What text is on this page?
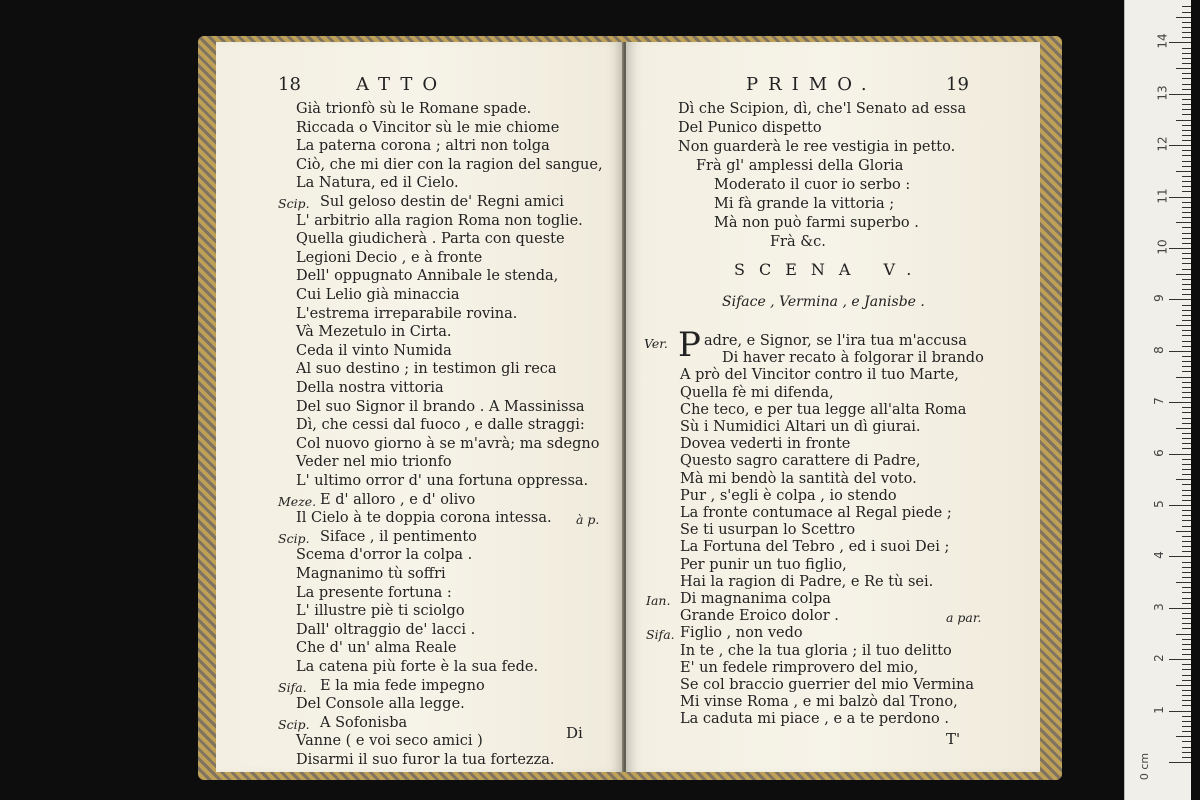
18	ATTO
Già trionfò sù le Romane spade.
Riccada o Vincitor sù le mie chiome
La paterna corona ; altri non tolga
Ciò, che mi dier con la ragion del sangue,
La Natura, ed il Cielo.
Scip. Sul geloso destin de' Regni amici
L' arbitrio alla ragion Roma non toglie.
Quella giudicherà . Parta con queste
Legioni Decio , e à fronte
Dell' oppugnato Annibale le stenda,
Cui Lelio già minaccia
L'estrema irreparabile rovina.
Và Mezetulo in Cirta.
Ceda il vinto Numida
Al suo destino ; in testimon gli reca
Della nostra vittoria
Del suo Signor il brando . A Massinissa
Dì, che cessi dal fuoco , e dalle straggi:
Col nuovo giorno à se m'avrà; ma sdegno
Veder nel mio trionfo
L' ultimo orror d' una fortuna oppressa.
Meze. E d' alloro , e d' olivo
Il Cielo à te doppia corona intessa. à p.
Scip. Siface , il pentimento
Scema d'orror la colpa .
Magnanimo tù soffri
La presente fortuna :
L' illustre piè ti sciolgo
Dall' oltraggio de' lacci .
Che d' un' alma Reale
La catena più forte è la sua fede.
Sifa. E la mia fede impegno
Del Console alla legge.
Scip. A Sofonisba
Vanne ( e voi seco amici )
Disarmi il suo furor la tua fortezza.
Di
PRIMO.	19
Dì che Scipion, dì, che'l Senato ad essa
Del Punico dispetto
Non guarderà le ree vestigia in petto.
Frà gl' amplessi della Gloria
Moderato il cuor io serbo :
Mi fà grande la vittoria ;
Mà non può farmi superbo .
Frà &c.
SCENA V.
Siface , Vermina , e Janisbe .
Ver. P adre, e Signor, se l'ira tua m'accusa
Di haver recato à folgorar il brando
A prò del Vincitor contro il tuo Marte,
Quella fè mi difenda,
Che teco, e per tua legge all'alta Roma
Sù i Numidici Altari un dì giurai.
Dovea vederti in fronte
Questo sagro carattere di Padre,
Mà mi bendò la santità del voto.
Pur , s'egli è colpa , io stendo
La fronte contumace al Regal piede ;
Se ti usurpan lo Scettro
La Fortuna del Tebro , ed i suoi Dei ;
Per punir un tuo figlio,
Hai la ragion di Padre, e Re tù sei.
Ian. Di magnanima colpa
Grande Eroico dolor .	a par.
Sifa. Figlio , non vedo
In te , che la tua gloria ; il tuo delitto
E' un fedele rimprovero del mio,
Se col braccio guerrier del mio Vermina
Mi vinse Roma , e mi balzò dal Trono,
La caduta mi piace , e a te perdono .
T'
1
2
3
4
5
6
7
8
9
10
11
12
13
14
0 cm
